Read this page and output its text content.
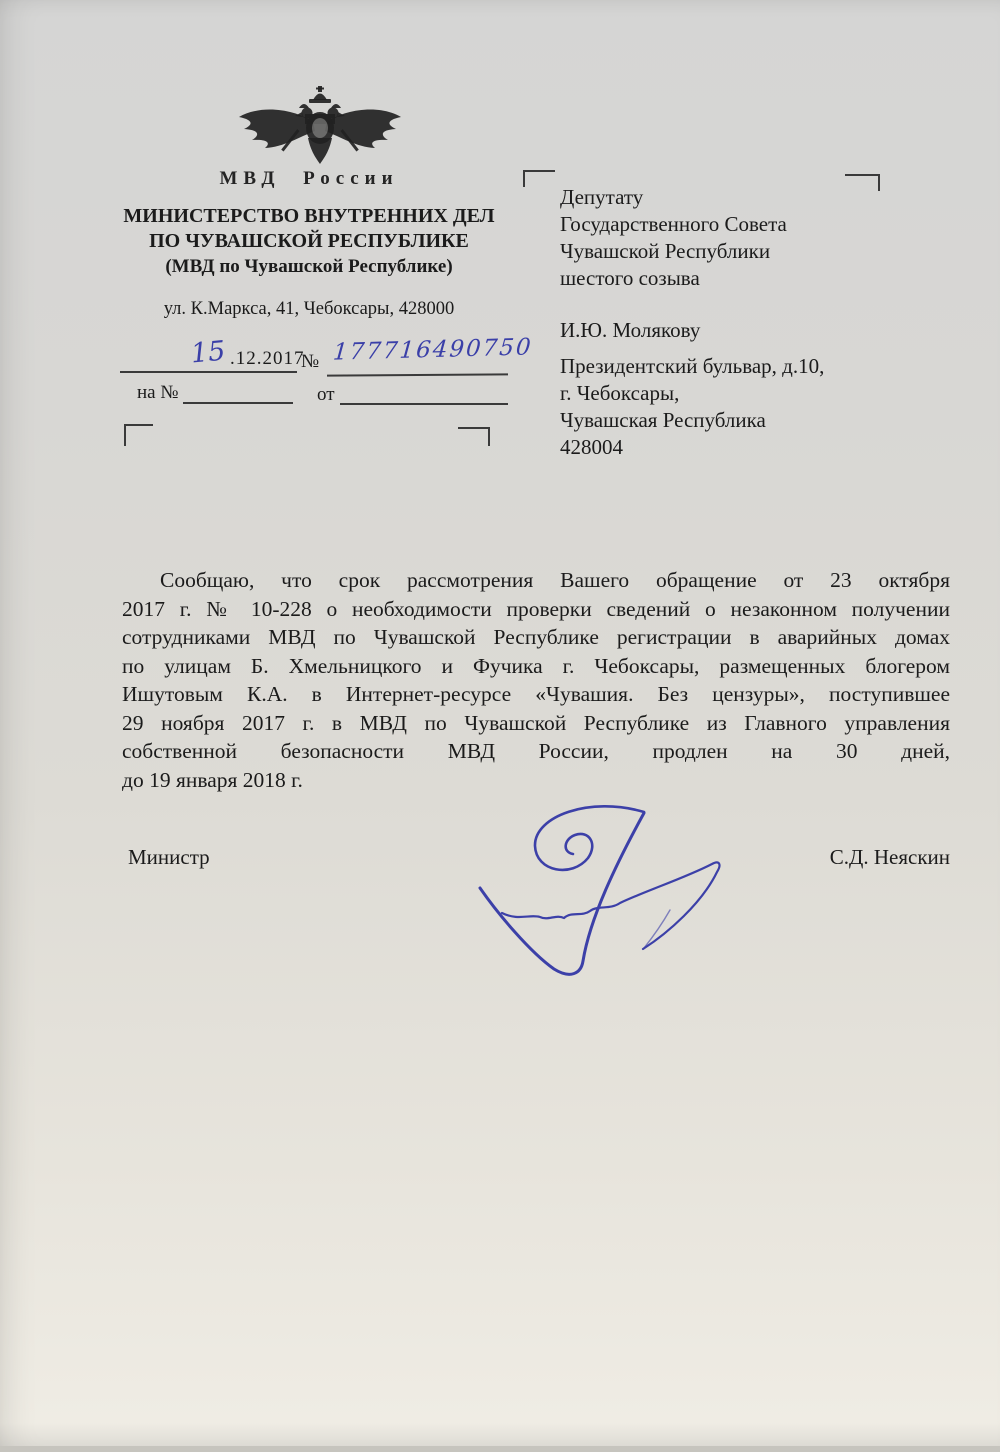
МВД России
МИНИСТЕРСТВО ВНУТРЕННИХ ДЕЛ
ПО ЧУВАШСКОЙ РЕСПУБЛИКЕ
(МВД по Чувашской Республике)
ул. К.Маркса, 41, Чебоксары, 428000
15 .12.2017
№ 177716490750
на №	от
Депутату
Государственного Совета
Чувашской Республики
шестого созыва
И.Ю. Молякову
Президентский бульвар, д.10,
г. Чебоксары,
Чувашская Республика
428004
Сообщаю, что срок рассмотрения Вашего обращение от 23 октября
2017 г. № 10-228 о необходимости проверки сведений о незаконном получении
сотрудниками МВД по Чувашской Республике регистрации в аварийных домах
по улицам Б. Хмельницкого и Фучика г. Чебоксары, размещенных блогером
Ишутовым К.А. в Интернет-ресурсе «Чувашия. Без цензуры», поступившее
29 ноября 2017 г. в МВД по Чувашской Республике из Главного управления
собственной безопасности МВД России, продлен на 30 дней,
до 19 января 2018 г.
Министр	С.Д. Неяскин
